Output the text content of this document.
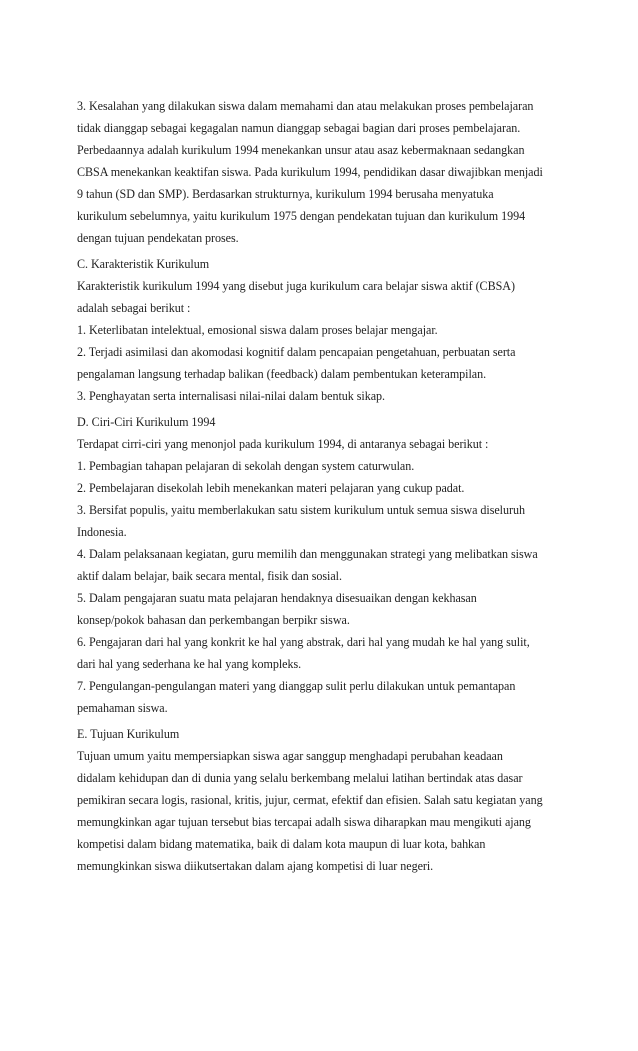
3. Kesalahan yang dilakukan siswa dalam memahami dan atau melakukan proses pembelajaran
tidak dianggap sebagai kegagalan namun dianggap sebagai bagian dari proses pembelajaran.
Perbedaannya adalah kurikulum 1994 menekankan unsur atau asaz kebermaknaan sedangkan
CBSA menekankan keaktifan siswa. Pada kurikulum 1994, pendidikan dasar diwajibkan menjadi
9 tahun (SD dan SMP). Berdasarkan strukturnya, kurikulum 1994 berusaha menyatuka
kurikulum sebelumnya, yaitu kurikulum 1975 dengan pendekatan tujuan dan kurikulum 1994
dengan tujuan pendekatan proses.
C. Karakteristik Kurikulum
Karakteristik kurikulum 1994 yang disebut juga kurikulum cara belajar siswa aktif (CBSA)
adalah sebagai berikut :
1. Keterlibatan intelektual, emosional siswa dalam proses belajar mengajar.
2. Terjadi asimilasi dan akomodasi kognitif dalam pencapaian pengetahuan, perbuatan serta
pengalaman langsung terhadap balikan (feedback) dalam pembentukan keterampilan.
3. Penghayatan serta internalisasi nilai-nilai dalam bentuk sikap.
D. Ciri-Ciri Kurikulum 1994
Terdapat cirri-ciri yang menonjol pada kurikulum 1994, di antaranya sebagai berikut :
1. Pembagian tahapan pelajaran di sekolah dengan system caturwulan.
2. Pembelajaran disekolah lebih menekankan materi pelajaran yang cukup padat.
3. Bersifat populis, yaitu memberlakukan satu sistem kurikulum untuk semua siswa diseluruh
Indonesia.
4. Dalam pelaksanaan kegiatan, guru memilih dan menggunakan strategi yang melibatkan siswa
aktif dalam belajar, baik secara mental, fisik dan sosial.
5. Dalam pengajaran suatu mata pelajaran hendaknya disesuaikan dengan kekhasan
konsep/pokok bahasan dan perkembangan berpikr siswa.
6. Pengajaran dari hal yang konkrit ke hal yang abstrak, dari hal yang mudah ke hal yang sulit,
dari hal yang sederhana ke hal yang kompleks.
7. Pengulangan-pengulangan materi yang dianggap sulit perlu dilakukan untuk pemantapan
pemahaman siswa.
E. Tujuan Kurikulum
Tujuan umum yaitu mempersiapkan siswa agar sanggup menghadapi perubahan keadaan
didalam kehidupan dan di dunia yang selalu berkembang melalui latihan bertindak atas dasar
pemikiran secara logis, rasional, kritis, jujur, cermat, efektif dan efisien. Salah satu kegiatan yang
memungkinkan agar tujuan tersebut bias tercapai adalh siswa diharapkan mau mengikuti ajang
kompetisi dalam bidang matematika, baik di dalam kota maupun di luar kota, bahkan
memungkinkan siswa diikutsertakan dalam ajang kompetisi di luar negeri.
